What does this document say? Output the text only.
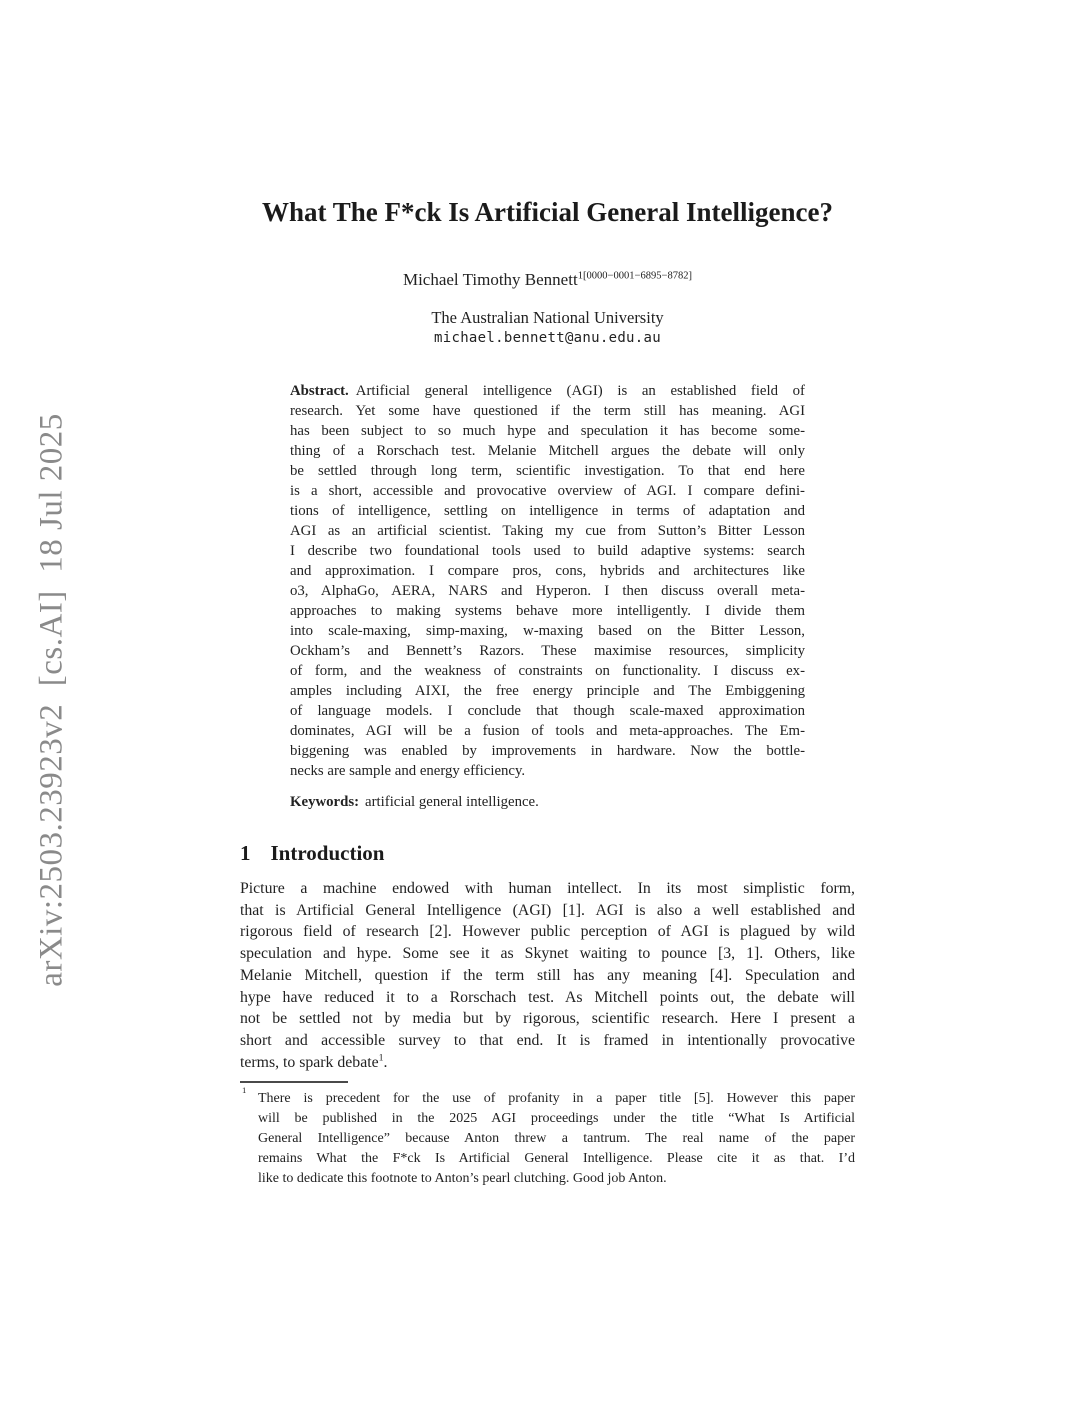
arXiv:2503.23923v2  [cs.AI]  18 Jul 2025
What The F*ck Is Artificial General Intelligence?
Michael Timothy Bennett$^{1[0000-0001-6895-8782]}$
The Australian National University
michael.bennett@anu.edu.au
Abstract. Artificial general intelligence (AGI) is an established field of
research. Yet some have questioned if the term still has meaning. AGI
has been subject to so much hype and speculation it has become some-
thing of a Rorschach test. Melanie Mitchell argues the debate will only
be settled through long term, scientific investigation. To that end here
is a short, accessible and provocative overview of AGI. I compare defini-
tions of intelligence, settling on intelligence in terms of adaptation and
AGI as an artificial scientist. Taking my cue from Sutton’s Bitter Lesson
I describe two foundational tools used to build adaptive systems: search
and approximation. I compare pros, cons, hybrids and architectures like
o3, AlphaGo, AERA, NARS and Hyperon. I then discuss overall meta-
approaches to making systems behave more intelligently. I divide them
into scale-maxing, simp-maxing, w-maxing based on the Bitter Lesson,
Ockham’s and Bennett’s Razors. These maximise resources, simplicity
of form, and the weakness of constraints on functionality. I discuss ex-
amples including AIXI, the free energy principle and The Embiggening
of language models. I conclude that though scale-maxed approximation
dominates, AGI will be a fusion of tools and meta-approaches. The Em-
biggening was enabled by improvements in hardware. Now the bottle-
necks are sample and energy efficiency.
Keywords: artificial general intelligence.
1 Introduction
Picture a machine endowed with human intellect. In its most simplistic form,
that is Artificial General Intelligence (AGI) [1]. AGI is also a well established and
rigorous field of research [2]. However public perception of AGI is plagued by wild
speculation and hype. Some see it as Skynet waiting to pounce [3, 1]. Others, like
Melanie Mitchell, question if the term still has any meaning [4]. Speculation and
hype have reduced it to a Rorschach test. As Mitchell points out, the debate will
not be settled not by media but by rigorous, scientific research. Here I present a
short and accessible survey to that end. It is framed in intentionally provocative
terms, to spark debate$^1$.
1
There is precedent for the use of profanity in a paper title [5]. However this paper
will be published in the 2025 AGI proceedings under the title “What Is Artificial
General Intelligence” because Anton threw a tantrum. The real name of the paper
remains What the F*ck Is Artificial General Intelligence. Please cite it as that. I’d
like to dedicate this footnote to Anton’s pearl clutching. Good job Anton.
